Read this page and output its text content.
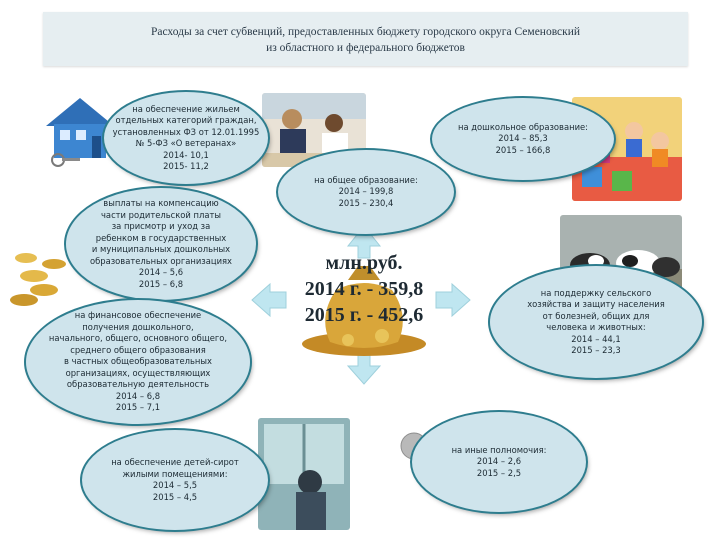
Расходы за счет субвенций, предоставленных бюджету городского округа Семеновский
из областного и федерального бюджетов
млн.руб.
2014 г. - 359,8
2015 г. - 452,6
на обеспечение жильем
отдельных категорий граждан,
установленных ФЗ от 12.01.1995
№ 5-ФЗ «О ветеранах»
2014- 10,1
2015- 11,2
выплаты на компенсацию
части родительской платы
за присмотр и уход за
ребенком в государственных
и муниципальных дошкольных
образовательных организациях
2014 – 5,6
2015 – 6,8
на финансовое обеспечение
получения дошкольного,
начального, общего, основного общего,
среднего общего образования
в частных общеобразовательных
организациях, осуществляющих
образовательную деятельность
2014 – 6,8
2015 – 7,1
на обеспечение детей-сирот
жилыми помещениями:
2014 – 5,5
2015 – 4,5
на общее образование:
2014 – 199,8
2015 – 230,4
на дошкольное образование:
2014 – 85,3
2015 – 166,8
на поддержку сельского
хозяйства и защиту населения
от болезней, общих для
человека и животных:
2014 – 44,1
2015 – 23,3
на иные полномочия:
2014 – 2,6
2015 – 2,5
